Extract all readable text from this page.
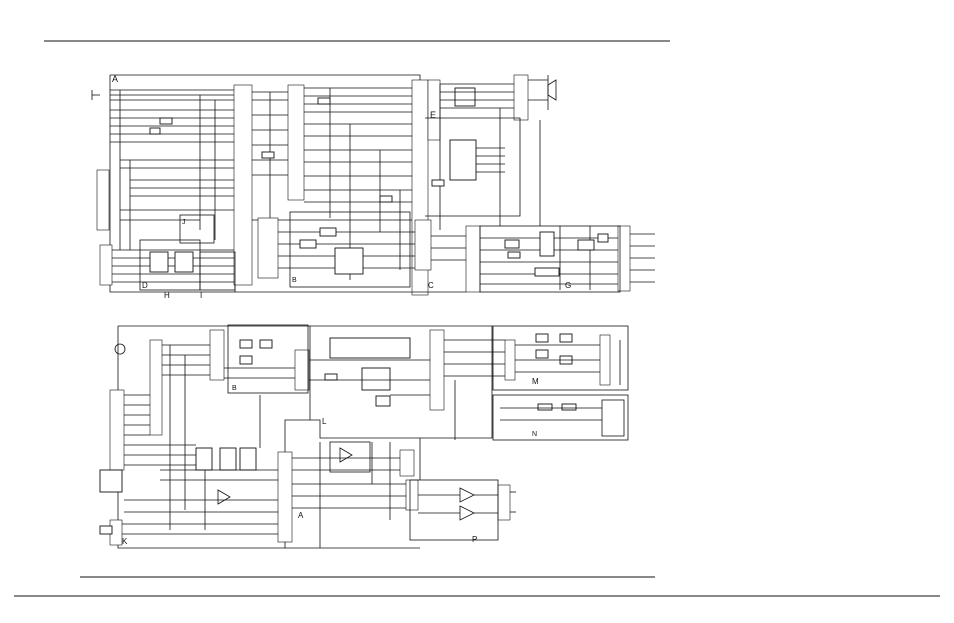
E
A
D
H	I
J
B
G
C
K
B
L
M
N
P
A
